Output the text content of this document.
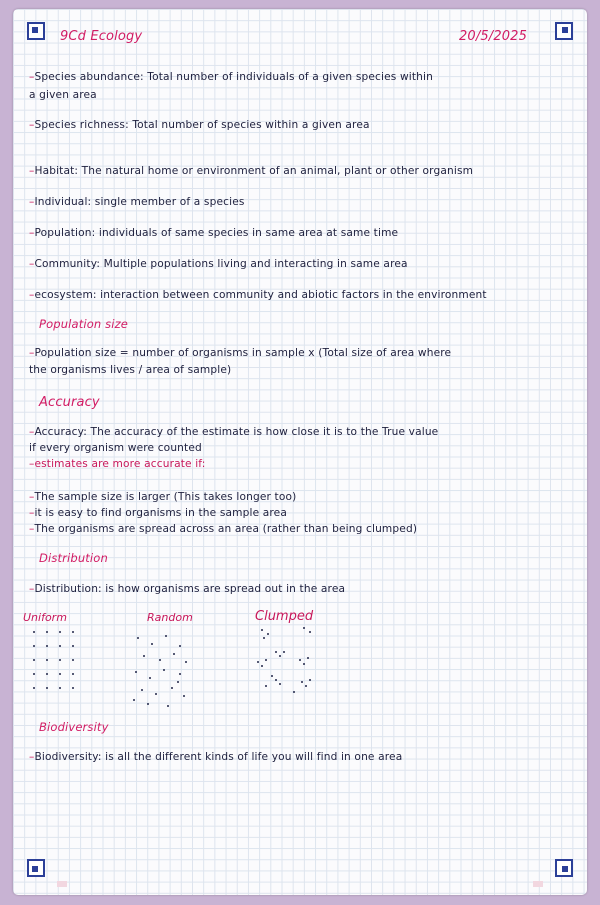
9Cd Ecology	20/5/2025
–Species abundance: Total number of individuals of a given species within
a given area
–Species richness: Total number of species within a given area
–Habitat: The natural home or environment of an animal, plant or other organism
–Individual: single member of a species
–Population: individuals of same species in same area at same time
–Community: Multiple populations living and interacting in same area
–ecosystem: interaction between community and abiotic factors in the environment
Population size
–Population size = number of organisms in sample x (Total size of area where
the organisms lives / area of sample)
Accuracy
–Accuracy: The accuracy of the estimate is how close it is to the True value
if every organism were counted
–estimates are more accurate if:
–The sample size is larger (This takes longer too)
–it is easy to find organisms in the sample area
–The organisms are spread across an area (rather than being clumped)
Distribution
–Distribution: is how organisms are spread out in the area
Uniform	Random	Clumped
Biodiversity
–Biodiversity: is all the different kinds of life you will find in one area
